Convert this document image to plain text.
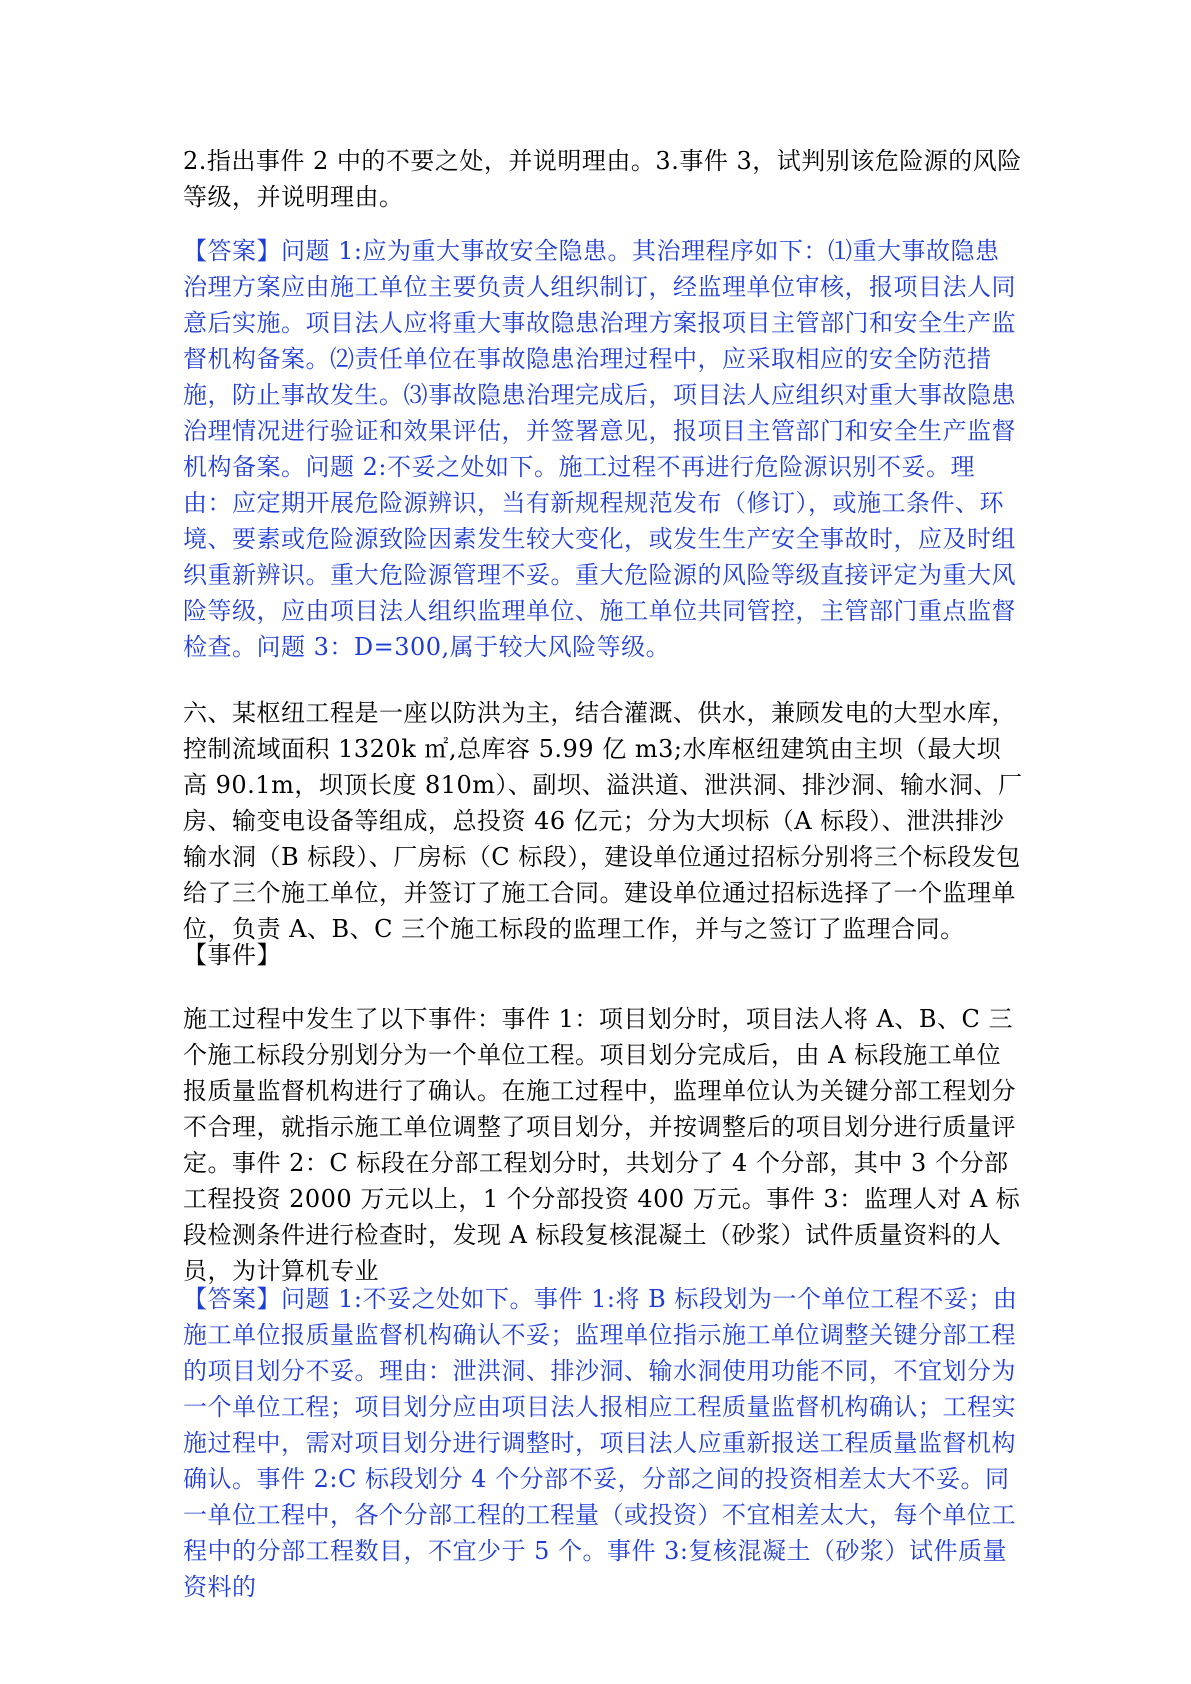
2.指出事件 2 中的不要之处，并说明理由。3.事件 3，试判别该危险源的风险等级，并说明理由。

【答案】问题 1:应为重大事故安全隐患。其治理程序如下：⑴重大事故隐患治理方案应由施工单位主要负责人组织制订，经监理单位审核，报项目法人同意后实施。项目法人应将重大事故隐患治理方案报项目主管部门和安全生产监督机构备案。⑵责任单位在事故隐患治理过程中，应采取相应的安全防范措施，防止事故发生。⑶事故隐患治理完成后，项目法人应组织对重大事故隐患治理情况进行验证和效果评估，并签署意见，报项目主管部门和安全生产监督机构备案。问题 2:不妥之处如下。施工过程不再进行危险源识别不妥。理由：应定期开展危险源辨识，当有新规程规范发布（修订），或施工条件、环境、要素或危险源致险因素发生较大变化，或发生生产安全事故时，应及时组织重新辨识。重大危险源管理不妥。重大危险源的风险等级直接评定为重大风险等级，应由项目法人组织监理单位、施工单位共同管控，主管部门重点监督检查。问题 3：D=300,属于较大风险等级。

六、某枢纽工程是一座以防洪为主，结合灌溉、供水，兼顾发电的大型水库，控制流域面积 1320k ㎡,总库容 5.99 亿 m3;水库枢纽建筑由主坝（最大坝高 90.1m，坝顶长度 810m）、副坝、溢洪道、泄洪洞、排沙洞、输水洞、厂房、输变电设备等组成，总投资 46 亿元；分为大坝标（A 标段）、泄洪排沙输水洞（B 标段）、厂房标（C 标段），建设单位通过招标分别将三个标段发包给了三个施工单位，并签订了施工合同。建设单位通过招标选择了一个监理单位，负责 A、B、C 三个施工标段的监理工作，并与之签订了监理合同。

【事件】

施工过程中发生了以下事件：事件 1：项目划分时，项目法人将 A、B、C 三个施工标段分别划分为一个单位工程。项目划分完成后，由 A 标段施工单位报质量监督机构进行了确认。在施工过程中，监理单位认为关键分部工程划分不合理，就指示施工单位调整了项目划分，并按调整后的项目划分进行质量评定。事件 2：C 标段在分部工程划分时，共划分了 4 个分部，其中 3 个分部工程投资 2000 万元以上，1 个分部投资 400 万元。事件 3：监理人对 A 标段检测条件进行检查时，发现 A 标段复核混凝土（砂浆）试件质量资料的人员，为计算机专业

【答案】问题 1:不妥之处如下。事件 1:将 B 标段划为一个单位工程不妥；由施工单位报质量监督机构确认不妥；监理单位指示施工单位调整关键分部工程的项目划分不妥。理由：泄洪洞、排沙洞、输水洞使用功能不同，不宜划分为一个单位工程；项目划分应由项目法人报相应工程质量监督机构确认；工程实施过程中，需对项目划分进行调整时，项目法人应重新报送工程质量监督机构确认。事件 2:C 标段划分 4 个分部不妥，分部之间的投资相差太大不妥。同一单位工程中，各个分部工程的工程量（或投资）不宜相差太大，每个单位工程中的分部工程数目，不宜少于 5 个。事件 3:复核混凝土（砂浆）试件质量资料的
